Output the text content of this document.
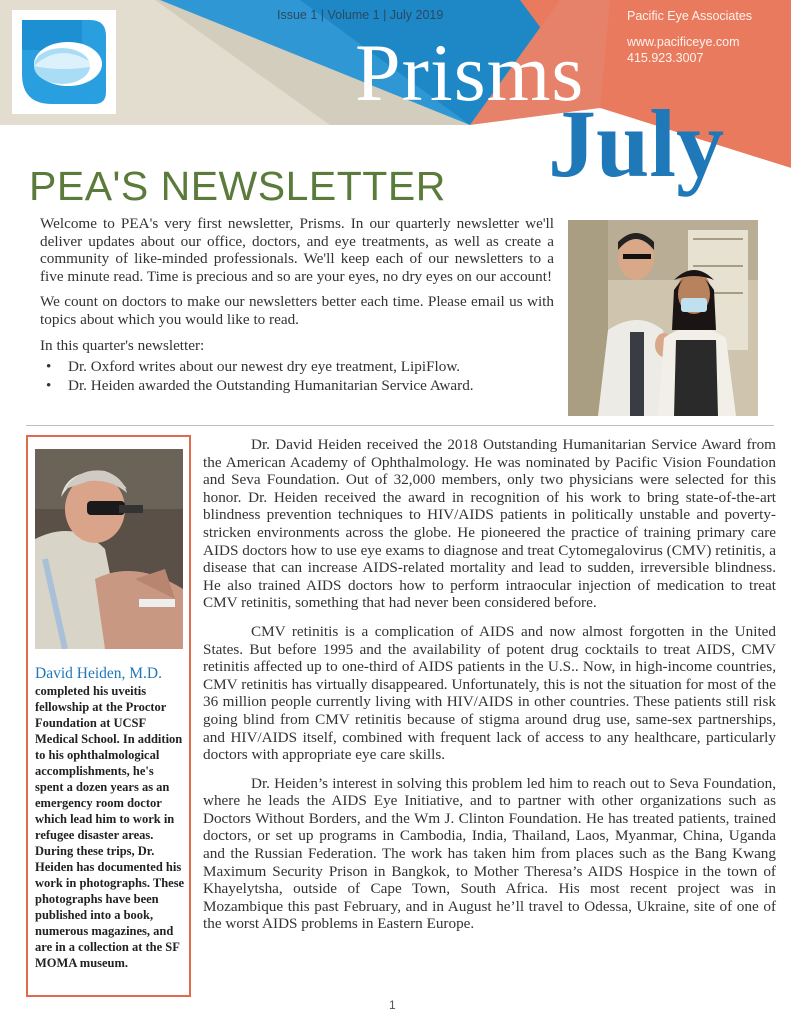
Issue 1 | Volume 1 | July 2019	Pacific Eye Associates
www.pacificeye.com
415.923.3007
Prisms
July
PEA'S NEWSLETTER

Welcome to PEA's very first newsletter, Prisms. In our quarterly newsletter we'll deliver updates about our office, doctors, and eye treatments, as well as create a community of like-minded professionals. We'll keep each of our newsletters to a five minute read. Time is precious and so are your eyes, no dry eyes on our account!

We count on doctors to make our newsletters better each time. Please email us with topics about which you would like to read.

In this quarter's newsletter:

• Dr. Oxford writes about our newest dry eye treatment, LipiFlow.
• Dr. Heiden awarded the Outstanding Humanitarian Service Award.
David Heiden, M.D.
completed his uveitis fellowship at the Proctor Foundation at UCSF Medical School. In addition to his ophthalmological accomplishments, he's spent a dozen years as an emergency room doctor which lead him to work in refugee disaster areas. During these trips, Dr. Heiden has documented his work in photographs. These photographs have been published into a book, numerous magazines, and are in a collection at the SF MOMA museum.

Dr. David Heiden received the 2018 Outstanding Humanitarian Service Award from the American Academy of Ophthalmology. He was nominated by Pacific Vision Foundation and Seva Foundation. Out of 32,000 members, only two physicians were selected for this honor. Dr. Heiden received the award in recognition of his work to bring state-of-the-art blindness prevention techniques to HIV/AIDS patients in politically unstable and poverty-stricken environments across the globe. He pioneered the practice of training primary care AIDS doctors how to use eye exams to diagnose and treat Cytomegalovirus (CMV) retinitis, a disease that can increase AIDS-related mortality and lead to sudden, irreversible blindness. He also trained AIDS doctors how to perform intraocular injection of medication to treat CMV retinitis, something that had never been considered before.

CMV retinitis is a complication of AIDS and now almost forgotten in the United States. But before 1995 and the availability of potent drug cocktails to treat AIDS, CMV retinitis affected up to one-third of AIDS patients in the U.S.. Now, in high-income countries, CMV retinitis has virtually disappeared. Unfortunately, this is not the situation for most of the 36 million people currently living with HIV/AIDS in other countries. These patients still risk going blind from CMV retinitis because of stigma around drug use, same-sex partnerships, and HIV/AIDS itself, combined with frequent lack of access to any healthcare, particularly doctors with appropriate eye care skills.

Dr. Heiden’s interest in solving this problem led him to reach out to Seva Foundation, where he leads the AIDS Eye Initiative, and to partner with other organizations such as Doctors Without Borders, and the Wm J. Clinton Foundation. He has treated patients, trained doctors, or set up programs in Cambodia, India, Thailand, Laos, Myanmar, China, Uganda and the Russian Federation. The work has taken him from places such as the Bang Kwang Maximum Security Prison in Bangkok, to Mother Theresa’s AIDS Hospice in the town of Khayelytsha, outside of Cape Town, South Africa. His most recent project was in Mozambique this past February, and in August he’ll travel to Odessa, Ukraine, site of one of the worst AIDS problems in Eastern Europe.

1
